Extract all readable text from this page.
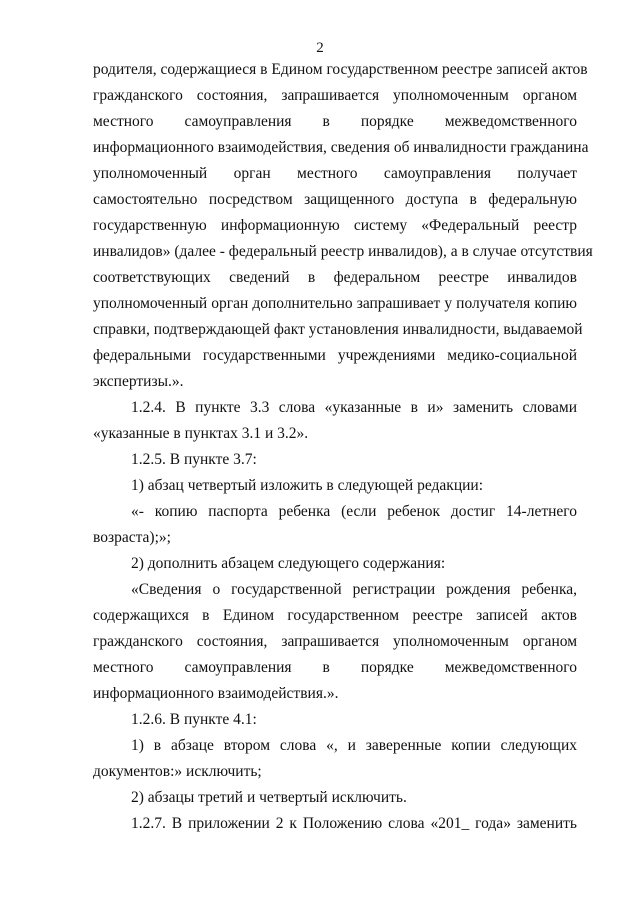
2
родителя, содержащиеся в Едином государственном реестре записей актов
гражданского состояния, запрашивается уполномоченным органом
местного самоуправления в порядке межведомственного
информационного взаимодействия, сведения об инвалидности гражданина
уполномоченный орган местного самоуправления получает
самостоятельно посредством защищенного доступа в федеральную
государственную информационную систему «Федеральный реестр
инвалидов» (далее - федеральный реестр инвалидов), а в случае отсутствия
соответствующих сведений в федеральном реестре инвалидов
уполномоченный орган дополнительно запрашивает у получателя копию
справки, подтверждающей факт установления инвалидности, выдаваемой
федеральными государственными учреждениями медико-социальной
экспертизы.».
1.2.4. В пункте 3.3 слова «указанные в и» заменить словами
«указанные в пунктах 3.1 и 3.2».
1.2.5. В пункте 3.7:
1) абзац четвертый изложить в следующей редакции:
«- копию паспорта ребенка (если ребенок достиг 14-летнего
возраста);»;
2) дополнить абзацем следующего содержания:
«Сведения о государственной регистрации рождения ребенка,
содержащихся в Едином государственном реестре записей актов
гражданского состояния, запрашивается уполномоченным органом
местного самоуправления в порядке межведомственного
информационного взаимодействия.».
1.2.6. В пункте 4.1:
1) в абзаце втором слова «, и заверенные копии следующих
документов:» исключить;
2) абзацы третий и четвертый исключить.
1.2.7. В приложении 2 к Положению слова «201_ года» заменить
